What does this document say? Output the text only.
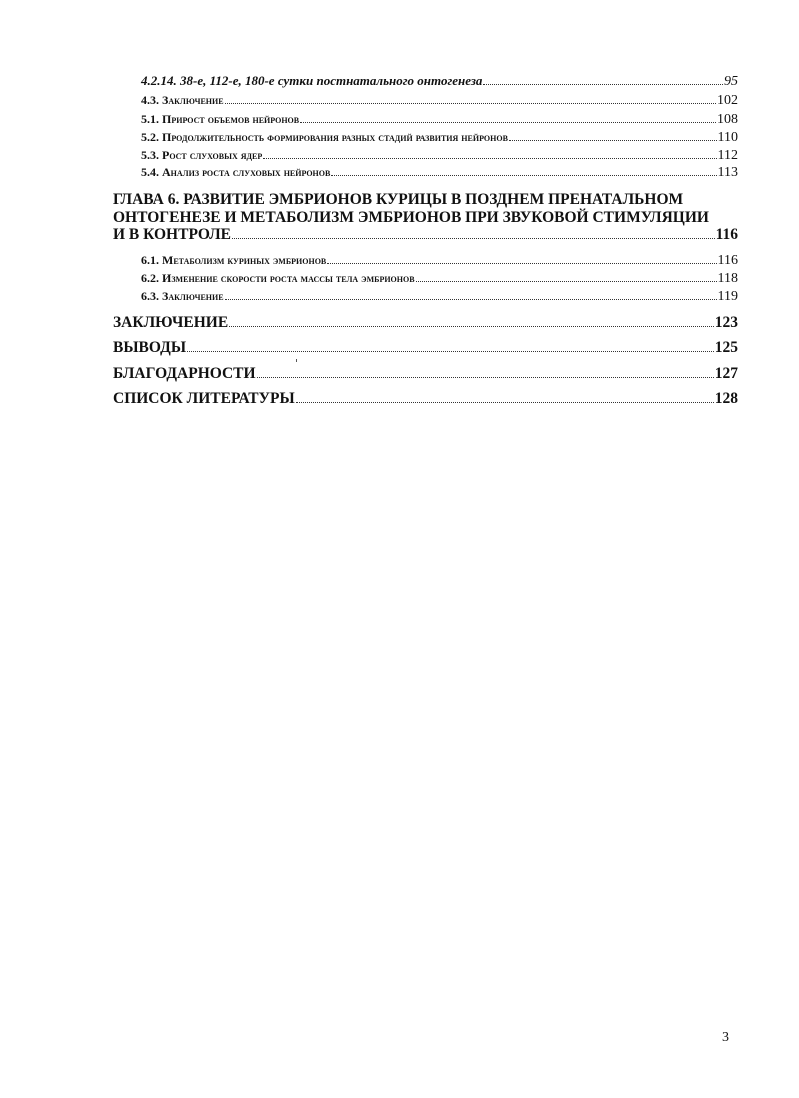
4.2.14. 38-е, 112-е, 180-е сутки постнатального онтогенеза	95
4.3. Заключение	102
5.1. Прирост объемов нейронов	108
5.2. Продолжительность формирования разных стадий развития нейронов	110
5.3. Рост слуховых ядер	112
5.4. Анализ роста слуховых нейронов	113
ГЛАВА 6. РАЗВИТИЕ ЭМБРИОНОВ КУРИЦЫ В ПОЗДНЕМ ПРЕНАТАЛЬНОМ
ОНТОГЕНЕЗЕ И МЕТАБОЛИЗМ ЭМБРИОНОВ ПРИ ЗВУКОВОЙ СТИМУЛЯЦИИ
И В КОНТРОЛЕ	116
6.1. Метаболизм куриных эмбрионов	116
6.2. Изменение скорости роста массы тела эмбрионов	118
6.3. Заключение	119
ЗАКЛЮЧЕНИЕ	123
ВЫВОДЫ	125
БЛАГОДАРНОСТИ	127
СПИСОК ЛИТЕРАТУРЫ	128
3
